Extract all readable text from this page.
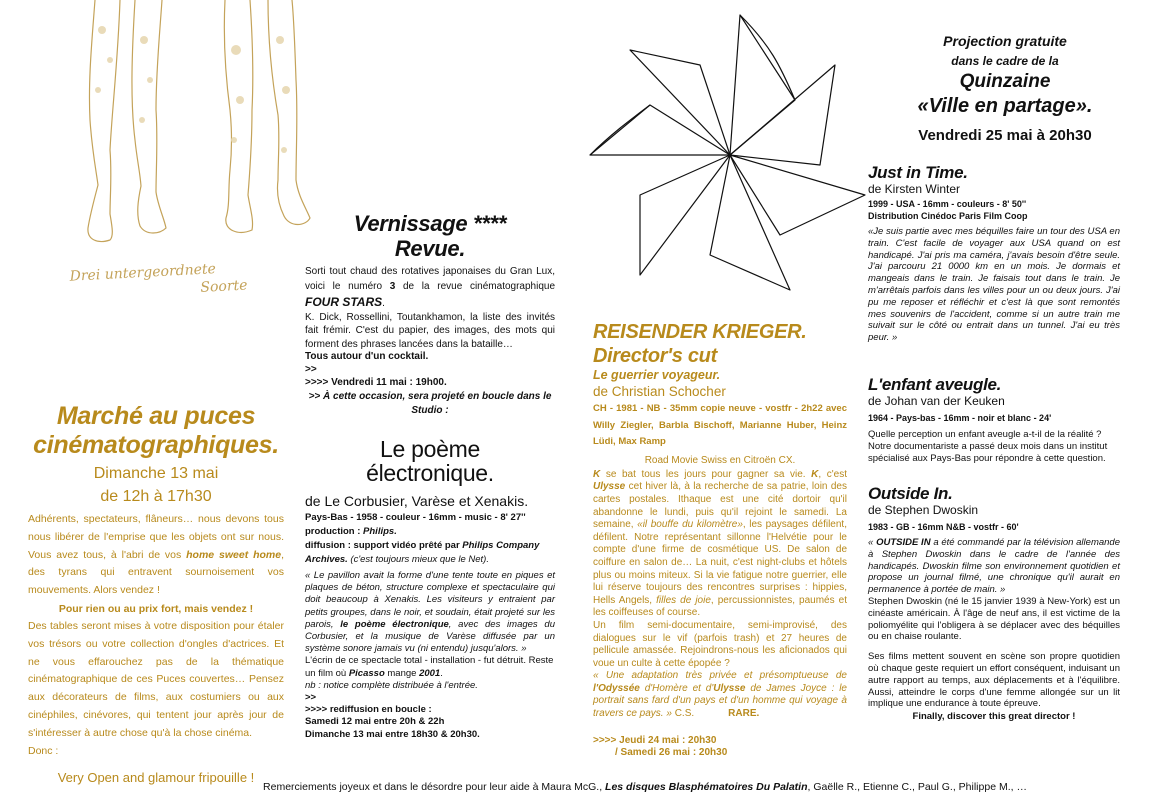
Drei untergeordnete
Soorte
Marché au puces
cinématographiques.
Dimanche 13 mai
de 12h à 17h30

Adhérents, spectateurs, flâneurs… nous devons tous nous libérer de l'emprise que les objets ont sur nous. Vous avez tous, à l'abri de vos home sweet home, des tyrans qui entravent sournoisement vos mouvements. Alors vendez !

Pour rien ou au prix fort, mais vendez !

Des tables seront mises à votre disposition pour étaler vos trésors ou votre collection d'ongles d'actrices. Et ne vous effarouchez pas de la thématique cinématographique de ces Puces couvertes… Pensez aux décorateurs de films, aux costumiers ou aux cinéphiles, cinévores, qui tentent jour après jour de s'intéresser à autre chose qu'à la chose cinéma.

Donc :
Very Open and glamour fripouille !
Vernissage ****
Revue.

Sorti tout chaud des rotatives japonaises du Gran Lux, voici le numéro 3 de la revue cinématographique FOUR STARS.

K. Dick, Rossellini, Toutankhamon, la liste des invités fait frémir. C'est du papier, des images, des mots qui forment des phrases lancées dans la bataille…

Tous autour d'un cocktail.
>>
>>>> Vendredi 11 mai : 19h00.
>> À cette occasion, sera projeté en boucle dans le Studio :
Le poème
électronique.
de Le Corbusier, Varèse et Xenakis.
Pays-Bas - 1958 - couleur - 16mm - music - 8' 27''
production : Philips.
diffusion : support vidéo prêté par Philips Company Archives. (c'est toujours mieux que le Net).

« Le pavillon avait la forme d'une tente toute en piques et plaques de béton, structure complexe et spectaculaire qui doit beaucoup à Xenakis. Les visiteurs y entraient par petits groupes, dans le noir, et soudain, était projeté sur les parois, le poème électronique, avec des images du Corbusier, et la musique de Varèse diffusée par un système sonore jamais vu (ni entendu) jusqu'alors. »

L'écrin de ce spectacle total - installation - fut détruit. Reste un film où Picasso mange 2001.

nb : notice complète distribuée à l'entrée.
>>
>>>> rediffusion en boucle :
Samedi 12 mai entre 20h & 22h
Dimanche 13 mai entre 18h30 & 20h30.
REISENDER KRIEGER.
Director's cut
Le guerrier voyageur.
de Christian Schocher

CH - 1981 - NB - 35mm copie neuve - vostfr - 2h22 avec Willy Ziegler, Barbla Bischoff, Marianne Huber, Heinz Lüdi, Max Ramp

Road Movie Swiss en Citroën CX.

K se bat tous les jours pour gagner sa vie. K, c'est Ulysse cet hiver là, à la recherche de sa patrie, loin des cartes postales. Ithaque est une cité dortoir qu'il abandonne le lundi, puis qu'il rejoint le samedi. La semaine, «il bouffe du kilomètre», les paysages défilent, défilent. Notre représentant sillonne l'Helvétie pour le compte d'une firme de cosmétique US. De salon de coiffure en salon de… La nuit, c'est night-clubs et hôtels plus ou moins miteux. Si la vie fatigue notre guerrier, elle lui réserve toujours des rencontres surprises : hippies, Hells Angels, filles de joie, percussionnistes, paumés et les coiffeuses of course.

Un film semi-documentaire, semi-improvisé, des dialogues sur le vif (parfois trash) et 27 heures de pellicule amassée. Rejoindrons-nous les aficionados qui voue un culte à cette épopée ?

« Une adaptation très privée et présomptueuse de l'Odyssée d'Homère et d'Ulysse de James Joyce : le portrait sans fard d'un pays et d'un homme qui voyage à travers ce pays. » C.S.	RARE.

>>>> Jeudi 24 mai : 20h30
/ Samedi 26 mai : 20h30
Projection gratuite
dans le cadre de la
Quinzaine
«Ville en partage».
Vendredi 25 mai à 20h30
Just in Time.
de Kirsten Winter
1999 - USA - 16mm - couleurs - 8' 50''
Distribution Cinédoc Paris Film Coop

«Je suis partie avec mes béquilles faire un tour des USA en train. C'est facile de voyager aux USA quand on est handicapé. J'ai pris ma caméra, j'avais besoin d'être seule. J'ai parcouru 21 0000 km en un mois. Je dormais et mangeais dans le train. Je faisais tout dans le train. Je m'arrêtais parfois dans les villes pour un ou deux jours. J'ai pu me reposer et réfléchir et c'est là que sont remontés mes souvenirs de l'accident, comme si un autre train me suivait sur le côté ou entrait dans un tunnel. J'ai eu très peur. »

L'enfant aveugle.
de Johan van der Keuken
1964 - Pays-bas - 16mm - noir et blanc - 24'

Quelle perception un enfant aveugle a-t-il de la réalité ? Notre documentariste a passé deux mois dans un institut spécialisé aux Pays-Bas pour répondre à cette question.

Outside In.
de Stephen Dwoskin
1983 - GB - 16mm N&B - vostfr - 60'

« OUTSIDE IN a été commandé par la télévision allemande à Stephen Dwoskin dans le cadre de l'année des handicapés. Dwoskin filme son environnement quotidien et propose un journal filmé, une chronique qu'il aurait en permanence à portée de main. »

Stephen Dwoskin (né le 15 janvier 1939 à New-York) est un cinéaste américain. À l'âge de neuf ans, il est victime de la poliomyélite qui l'obligera à se déplacer avec des béquilles ou en chaise roulante.

Ses films mettent souvent en scène son propre quotidien où chaque geste requiert un effort conséquent, induisant un autre rapport au temps, aux déplacements et à l'équilibre. Aussi, atteindre le corps d'une femme allongée sur un lit implique une endurance à toute épreuve.

Finally, discover this great director !
Remerciements joyeux et dans le désordre pour leur aide à Maura McG., Les disques Blasphématoires Du Palatin, Gaëlle R., Etienne C., Paul G., Philippe M., …
